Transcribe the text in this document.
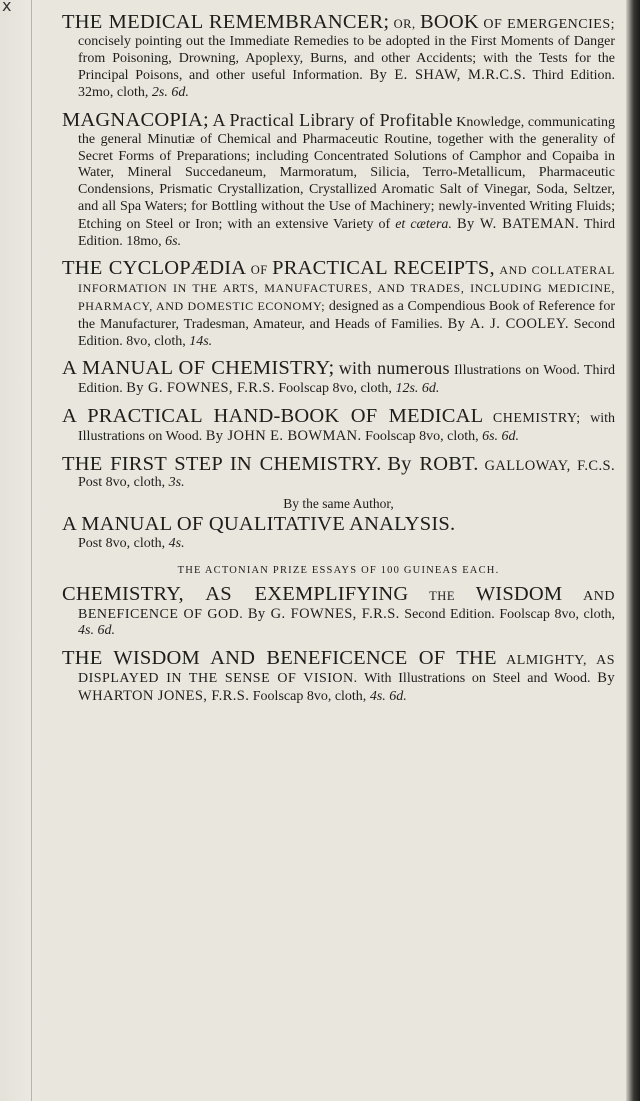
x

THE MEDICAL REMEMBRANCER; OR, BOOK OF EMERGENCIES; concisely pointing out the Immediate Remedies to be adopted in the First Moments of Danger from Poisoning, Drowning, Apoplexy, Burns, and other Accidents; with the Tests for the Principal Poisons, and other useful Information. By E. SHAW, M.R.C.S. Third Edition. 32mo, cloth, 2s. 6d.

MAGNACOPIA; A Practical Library of Profitable Knowledge, communicating the general Minutiæ of Chemical and Pharmaceutic Routine, together with the generality of Secret Forms of Preparations; including Concentrated Solutions of Camphor and Copaiba in Water, Mineral Succedaneum, Marmoratum, Silicia, Terro-Metallicum, Pharmaceutic Condensions, Prismatic Crystallization, Crystallized Aromatic Salt of Vinegar, Soda, Seltzer, and all Spa Waters; for Bottling without the Use of Machinery; newly-invented Writing Fluids; Etching on Steel or Iron; with an extensive Variety of et cætera. By W. BATEMAN. Third Edition. 18mo, 6s.

THE CYCLOPÆDIA OF PRACTICAL RECEIPTS, AND COLLATERAL INFORMATION IN THE ARTS, MANUFACTURES, AND TRADES, INCLUDING MEDICINE, PHARMACY, AND DOMESTIC ECONOMY; designed as a Compendious Book of Reference for the Manufacturer, Tradesman, Amateur, and Heads of Families. By A. J. COOLEY. Second Edition. 8vo, cloth, 14s.

A MANUAL OF CHEMISTRY; with numerous Illustrations on Wood. Third Edition. By G. FOWNES, F.R.S. Foolscap 8vo, cloth, 12s. 6d.

A PRACTICAL HAND-BOOK OF MEDICAL CHEMISTRY; with Illustrations on Wood. By JOHN E. BOWMAN. Foolscap 8vo, cloth, 6s. 6d.

THE FIRST STEP IN CHEMISTRY. By ROBT. GALLOWAY, F.C.S. Post 8vo, cloth, 3s.

By the same Author,

A MANUAL OF QUALITATIVE ANALYSIS.
Post 8vo, cloth, 4s.

THE ACTONIAN PRIZE ESSAYS OF 100 GUINEAS EACH.

CHEMISTRY, AS EXEMPLIFYING THE WISDOM AND BENEFICENCE OF GOD. By G. FOWNES, F.R.S. Second Edition. Foolscap 8vo, cloth, 4s. 6d.

THE WISDOM AND BENEFICENCE OF THE ALMIGHTY, AS DISPLAYED IN THE SENSE OF VISION. With Illustrations on Steel and Wood. By WHARTON JONES, F.R.S. Foolscap 8vo, cloth, 4s. 6d.
